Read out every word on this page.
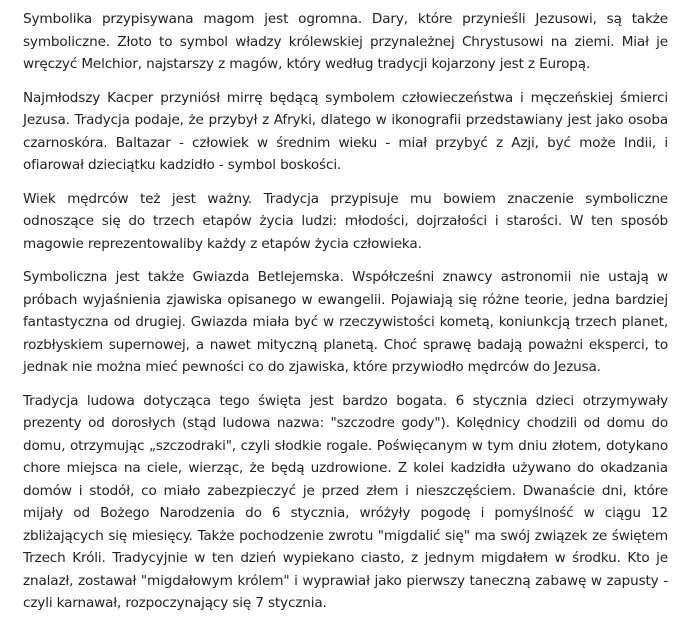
Symbolika przypisywana magom jest ogromna. Dary, które przynieśli Jezusowi, są także symboliczne. Złoto to symbol władzy królewskiej przynależnej Chrystusowi na ziemi. Miał je wręczyć Melchior, najstarszy z magów, który według tradycji kojarzony jest z Europą.

Najmłodszy Kacper przyniósł mirrę będącą symbolem człowieczeństwa i męczeńskiej śmierci Jezusa. Tradycja podaje, że przybył z Afryki, dlatego w ikonografii przedstawiany jest jako osoba czarnoskóra. Baltazar - człowiek w średnim wieku - miał przybyć z Azji, być może Indii, i ofiarował dzieciątku kadzidło - symbol boskości.

Wiek mędrców też jest ważny. Tradycja przypisuje mu bowiem znaczenie symboliczne odnoszące się do trzech etapów życia ludzi: młodości, dojrzałości i starości. W ten sposób magowie reprezentowaliby każdy z etapów życia człowieka.

Symboliczna jest także Gwiazda Betlejemska. Współcześni znawcy astronomii nie ustają w próbach wyjaśnienia zjawiska opisanego w ewangelii. Pojawiają się różne teorie, jedna bardziej fantastyczna od drugiej. Gwiazda miała być w rzeczywistości kometą, koniunkcją trzech planet, rozbłyskiem supernowej, a nawet mityczną planetą. Choć sprawę badają poważni eksperci, to jednak nie można mieć pewności co do zjawiska, które przywiodło mędrców do Jezusa.

Tradycja ludowa dotycząca tego święta jest bardzo bogata. 6 stycznia dzieci otrzymywały prezenty od dorosłych (stąd ludowa nazwa: "szczodre gody"). Kolędnicy chodzili od domu do domu, otrzymując „szczodraki", czyli słodkie rogale. Poświęcanym w tym dniu złotem, dotykano chore miejsca na ciele, wierząc, że będą uzdrowione. Z kolei kadzidła używano do okadzania domów i stodół, co miało zabezpieczyć je przed złem i nieszczęściem. Dwanaście dni, które mijały od Bożego Narodzenia do 6 stycznia, wróżyły pogodę i pomyślność w ciągu 12 zbliżających się miesięcy. Także pochodzenie zwrotu "migdalić się" ma swój związek ze świętem Trzech Króli. Tradycyjnie w ten dzień wypiekano ciasto, z jednym migdałem w środku. Kto je znalazł, zostawał "migdałowym królem" i wyprawiał jako pierwszy taneczną zabawę w zapusty - czyli karnawał, rozpoczynający się 7 stycznia.
